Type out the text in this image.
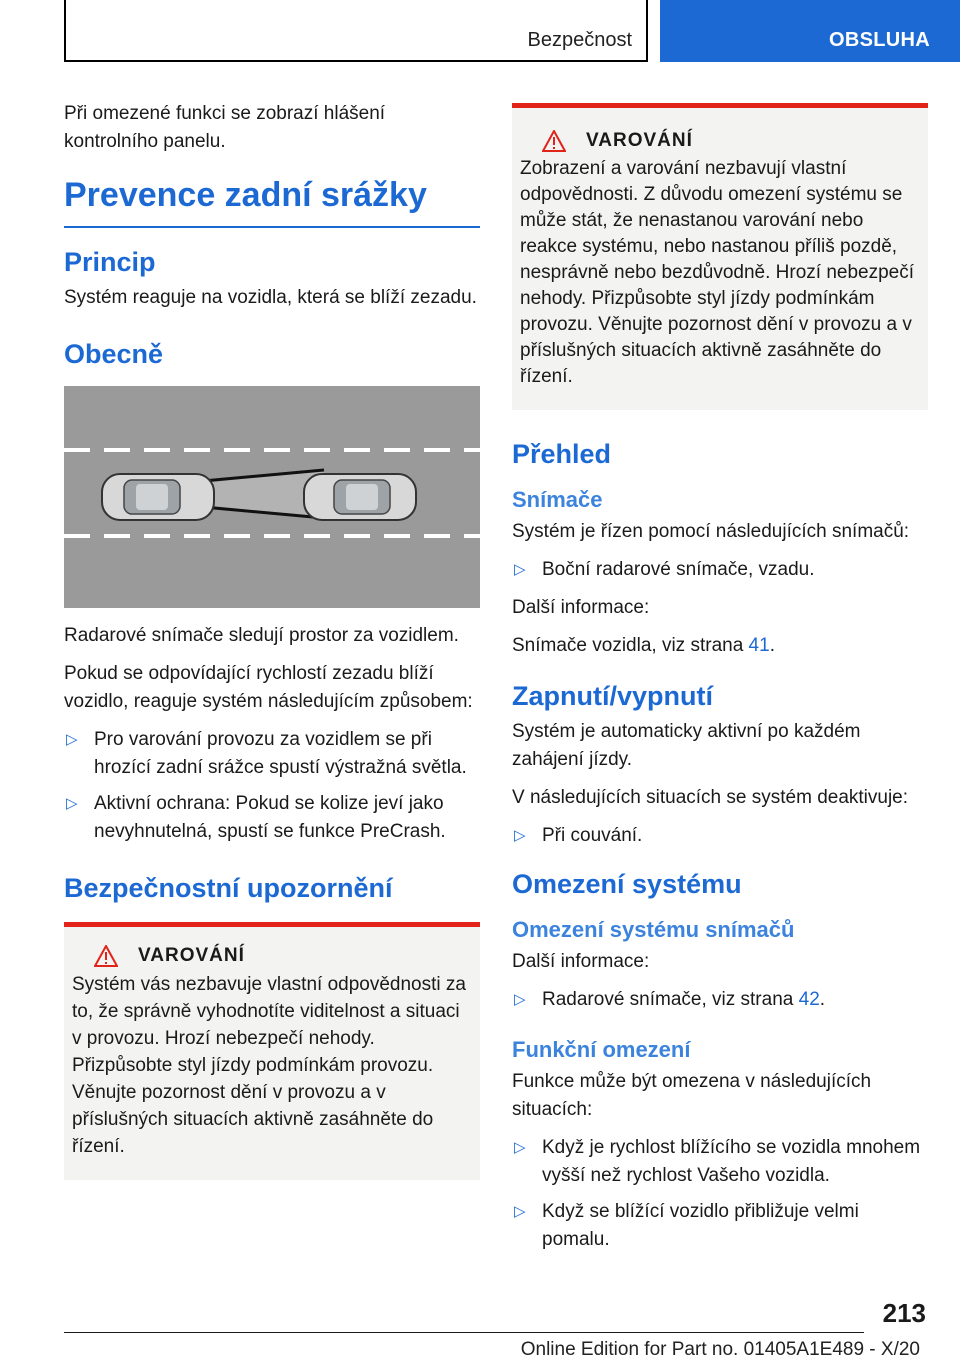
Bezpečnost	OBSLUHA

Při omezené funkci se zobrazí hlášení kontrolního panelu.

Prevence zadní srážky
Princip

Systém reaguje na vozidla, která se blíží zezadu.

Obecně

Radarové snímače sledují prostor za vozidlem.

Pokud se odpovídající rychlostí zezadu blíží vozidlo, reaguje systém následujícím způsobem:

▷ Pro varování provozu za vozidlem se při hrozící zadní srážce spustí výstražná světla.
▷ Aktivní ochrana: Pokud se kolize jeví jako nevyhnutelná, spustí se funkce PreCrash.
Bezpečnostní upozornění
VAROVÁNÍ

Systém vás nezbavuje vlastní odpovědnosti za to, že správně vyhodnotíte viditelnost a situaci v provozu. Hrozí nebezpečí nehody. Přizpůsobte styl jízdy podmínkám provozu. Věnujte pozornost dění v provozu a v příslušných situacích aktivně zasáhněte do řízení.

VAROVÁNÍ

Zobrazení a varování nezbavují vlastní odpovědnosti. Z důvodu omezení systému se může stát, že nenastanou varování nebo reakce systému, nebo nastanou příliš pozdě, nesprávně nebo bezdůvodně. Hrozí nebezpečí nehody. Přizpůsobte styl jízdy podmínkám provozu. Věnujte pozornost dění v provozu a v příslušných situacích aktivně zasáhněte do řízení.

Přehled
Snímače

Systém je řízen pomocí následujících snímačů:

▷ Boční radarové snímače, vzadu.

Další informace:

Snímače vozidla, viz strana 41.

Zapnutí/vypnutí

Systém je automaticky aktivní po každém zahájení jízdy.

V následujících situacích se systém deaktivuje:

▷ Při couvání.
Omezení systému
Omezení systému snímačů

Další informace:

▷ Radarové snímače, viz strana 42.
Funkční omezení

Funkce může být omezena v následujících situacích:

▷ Když je rychlost blížícího se vozidla mnohem vyšší než rychlost Vašeho vozidla.
▷ Když se blížící vozidlo přibližuje velmi pomalu.
213
Online Edition for Part no. 01405A1E489 - X/20
